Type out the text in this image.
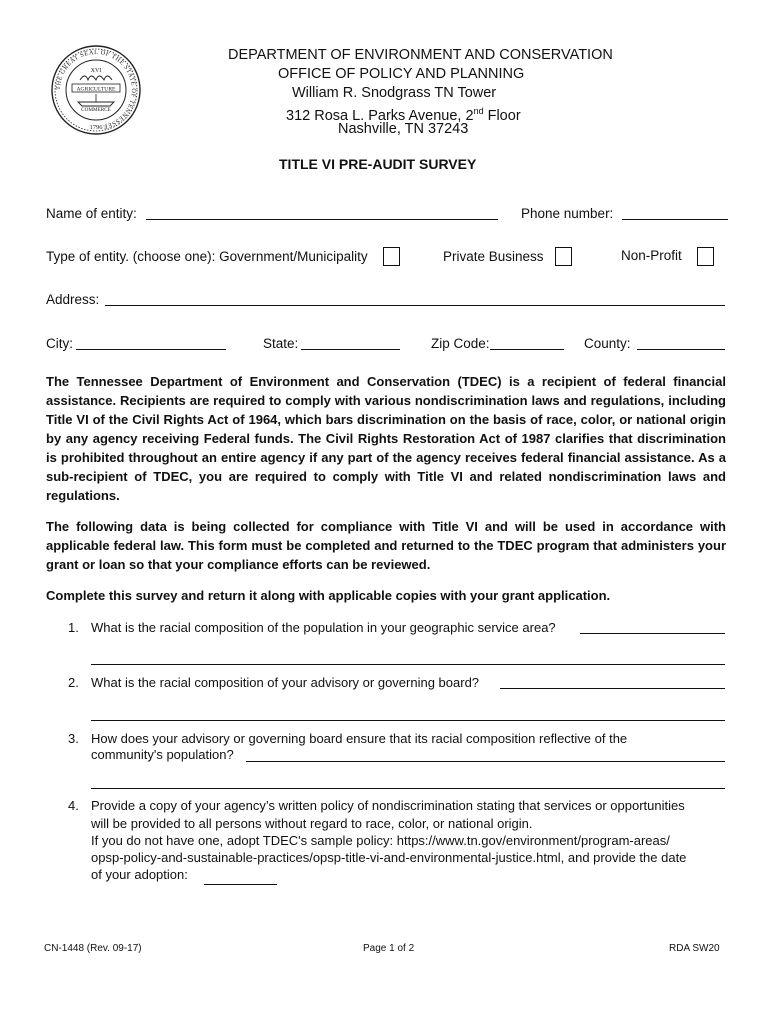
THE GREAT SEAL OF THE STATE OF TENNESSEE
XVI
AGRICULTURE
COMMERCE
1796
DEPARTMENT OF ENVIRONMENT AND CONSERVATION
OFFICE OF POLICY AND PLANNING
William R. Snodgrass TN Tower
312 Rosa L. Parks Avenue, 2nd Floor
Nashville, TN 37243
TITLE VI PRE-AUDIT SURVEY
Name of entity:	Phone number:
Type of entity. (choose one): Government/Municipality	Private Business	Non-Profit
Address:
City:	State:	Zip Code:	County:
The Tennessee Department of Environment and Conservation (TDEC) is a recipient of federal financial assistance. Recipients are required to comply with various nondiscrimination laws and regulations, including Title VI of the Civil Rights Act of 1964, which bars discrimination on the basis of race, color, or national origin by any agency receiving Federal funds. The Civil Rights Restoration Act of 1987 clarifies that discrimination is prohibited throughout an entire agency if any part of the agency receives federal financial assistance. As a sub-recipient of TDEC, you are required to comply with Title VI and related nondiscrimination laws and regulations.
The following data is being collected for compliance with Title VI and will be used in accordance with applicable federal law. This form must be completed and returned to the TDEC program that administers your grant or loan so that your compliance efforts can be reviewed.
Complete this survey and return it along with applicable copies with your grant application.
1. What is the racial composition of the population in your geographic service area?
2. What is the racial composition of your advisory or governing board?
3. How does your advisory or governing board ensure that its racial composition reflective of the
community's population?
4. Provide a copy of your agency’s written policy of nondiscrimination stating that services or opportunities
will be provided to all persons without regard to race, color, or national origin.
If you do not have one, adopt TDEC's sample policy: https://www.tn.gov/environment/program-areas/
opsp-policy-and-sustainable-practices/opsp-title-vi-and-environmental-justice.html, and provide the date
of your adoption:
CN-1448 (Rev. 09-17)	Page 1 of 2	RDA SW20
